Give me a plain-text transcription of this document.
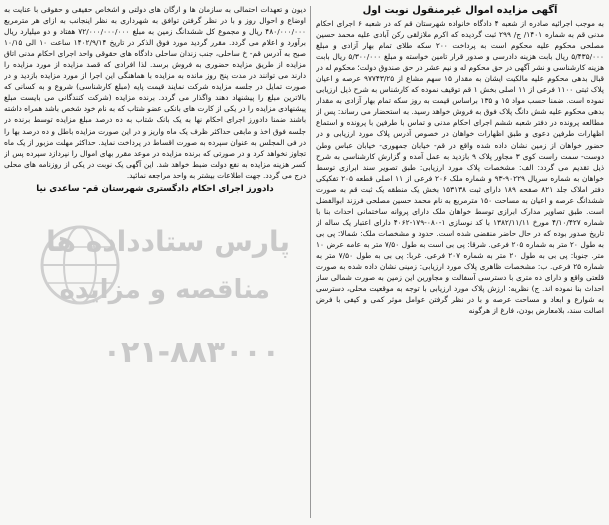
آگهی مزایده اموال غیرمنقول نوبت اول

به موجب اجرائیه صادره از شعبه ۴ دادگاه خانواده شهرستان قم که در شعبه ۶ اجرای احکام مدنی قم به شماره ۱۴۰۱/ ج/ ۲۹۹ ثبت گردیده که اکرم ملازلقی رکن آبادی علیه محمد حسین مصلحی محکوم علیه محکوم است به پرداخت ۲۰۰ سکه طلای تمام بهار آزادی و مبلغ ۵/۴۳۵/۰۰۰ ریال بابت هزینه دادرسی و صدور قرار تامین خواسته و مبلغ ۵/۳۰۰/۰۰۰ ریال بابت هزینه کارشناسی و نشر آگهی در حق محکوم له و نیم عشر در حق صندوق دولت؛ محکوم له در قبال بدهی محکوم علیه مالکیت ایشان به مقدار ۱۵ سهم مشاع از ۹۷۷۴۳/۲۵ عرصه و اعیان پلاک ثبتی ۱۱۰۰ فرعی از ۱۱ اصلی بخش ۱ قم توقیف نموده که کارشناس به شرح ذیل ارزیابی نموده است. ضمنا حسب مواد ۱۵ و ۱۳۵ براساس قیمت به روز سکه تمام بهار آزادی به مقدار بدهی محکوم علیه شش دانگ پلاک فوق به فروش خواهد رسید. به استحضار می رساند: پس از مطالعه پرونده در دفتر شعبه ششم اجرای احکام مدنی و تماس با طرفین با پرونده و استماع اظهارات طرفین دعوی و طبق اظهارات خواهان در خصوص آدرس پلاک مورد ارزیابی و در حضور خواهان از زمین نشان داده شده واقع در قم- خیابان جمهوری- خیابان عباس وطن دوست- سمت راست کوی ۳ مجاور پلاک ۹ بازدید به عمل آمده و گزارش کارشناسی به شرح ذیل تقدیم می گردد: الف: مشخصات پلاک مورد ارزیابی: طبق تصویر سند ابرازی توسط خواهان به شماره سریال ۹۰۲۲۹-۹۳ و شماره ملک ۲۰۶ فرعی از ۱۱ اصلی قطعه ۲۰۵ تفکیکی دفتر املاک جلد ۸۲۱ صفحه ۱۸۹ دارای ثبت ۱۵۳۱۳۸ بخش یک منطقه یک ثبت قم به صورت ششدانگ عرصه و اعیان به مساحت ۱۵۰ مترمربع به نام محمد حسین مصلحی فرزند ابوالفضل است. طبق تصاویر مدارک ابرازی توسط خواهان ملک دارای پروانه ساختمانی احداث بنا با شماره ۴/۱۰/۴۲۷ مورخ ۱۳۸۲/۱۱/۱۱ با کد نوسازی ۱-۰۸۰-۱۷۹-۴۰۶۲ دارای اعتبار یک ساله از تاریخ صدور بوده که در حال حاضر منقضی شده است. حدود و مشخصات ملک: شمالا: پی بی به طول ۲۰ متر به شماره ۲۰۵ فرعی. شرقا: پی بی است به طول ۷/۵۰ متر به عامه عرض ۱۰ متر. جنوبا: پی بی به طول ۲۰ متر به شماره ۲۰۷ فرعی. غربا: پی بی به طول ۷/۵۰ متر به شماره ۲۵ فرعی. ب: مشخصات ظاهری پلاک مورد ارزیابی: زمینی نشان داده شده به صورت قلعتی واقع و دارای ده متری با دسترسی آسفالت و مجاورین این زمین به صورت شمالی ساز احداث بنا نموده اند. ج) نظریه: ارزش پلاک مورد ارزیابی با توجه به موقعیت محلی، دسترسی به شوارع و ابعاد و مساحت عرصه و با در نظر گرفتن عوامل موثر کمی و کیفی با فرض اصالت سند، بلامعارض بودن، فارغ از هرگونه

دیون و تعهدات احتمالی به سازمان ها و ارگان های دولتی و اشخاص حقیقی و حقوقی با عنایت به اوضاع و احوال روز و با در نظر گرفتن توافق به شهرداری به نظر اینجانب به ازای هر مترمربع ۴۸۰/۰۰۰/۰۰۰ ریال و مجموع کل ششدانگ زمین به مبلغ ۷۲/۰۰۰/۰۰۰/۰۰۰ هفتاد و دو میلیارد ریال برآورد و اعلام می گردد. مقرر گردید مورد فوق الذکر در تاریخ ۱۴۰۲/۹/۱۴ ساعت ۱۰ الی ۱۰/۱۵ صبح به آدرس قم- خ ساحلی، جنب زندان ساحلی دادگاه های حقوقی واحد اجرای احکام مدنی اتاق مزایده از طریق مزایده حضوری به فروش برسد. لذا افرادی که قصد مزایده از مورد مزایده را دارند می توانند در مدت پنج روز مانده به مزایده با هماهنگی این اجرا از مورد مزایده بازدید و در صورت تمایل در جلسه مزایده شرکت نمایند قیمت پایه (مبلغ کارشناسی) شروع و به کسانی که بالاترین مبلغ را پیشنهاد دهند واگذار می گردد. برنده مزایده (شرکت کنندگانی می بایست مبلغ پیشنهادی مزایده را در یکی از کارت های بانکی عضو شتاب که به نام خود شخص باشد همراه داشته باشند ضمنا دادورز اجرای احکام نها به یک بانک شتاب به ده درصد مبلغ مزایده توسط برنده در جلسه فوق اخذ و مابقی حداکثر ظرف یک ماه واریز و در این صورت مزایده باطل و ده درصد بها را در فی المجلس به عنوان سپرده به صورت اقساط در پرداخت نماید. حداکثر مهلت مزبور از یک ماه تجاوز نخواهد کرد و در صورتی که برنده مزایده در موعد مقرر بهای اموال را نپردازد سپرده پس از کسر هزینه مزایده به نفع دولت ضبط خواهد شد. این آگهی یک نوبت در یکی از روزنامه های محلی درج می گردد. جهت اطلاعات بیشتر به واحد مراجعه نمائید.

دادورز اجرای احکام دادگستری شهرستان قم- ساعدی نیا
پارس ستادداده ها
مناقصه و مزایده
۰۲۱-۸۸۳۰۰۰
